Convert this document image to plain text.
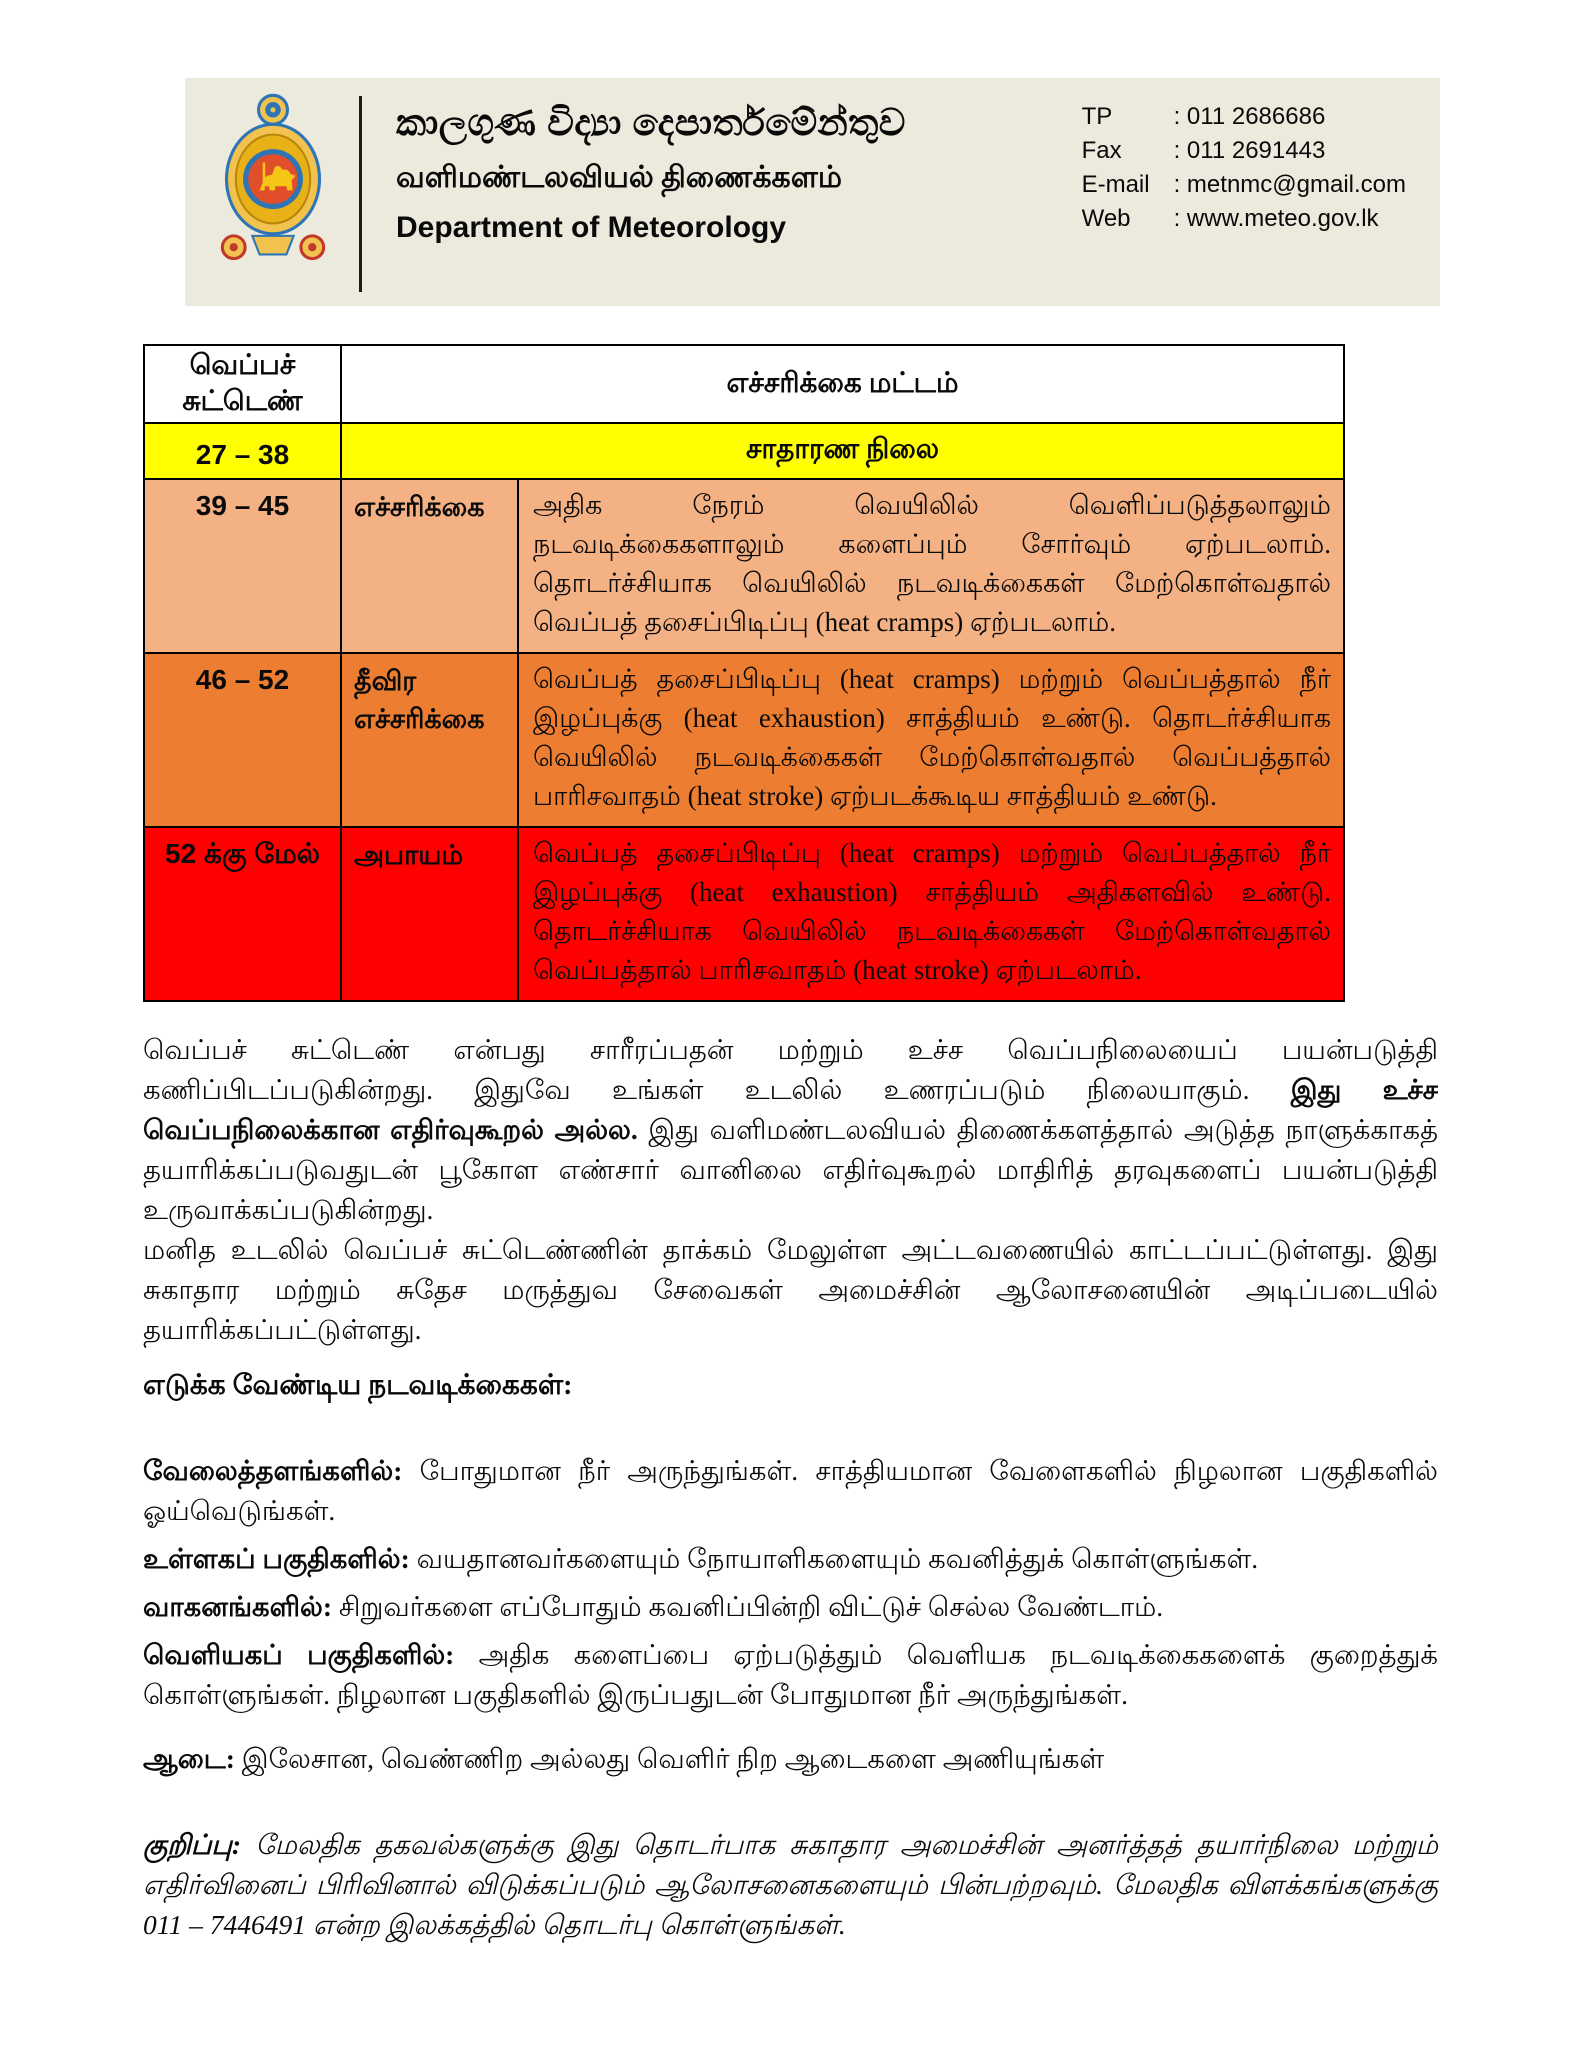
කාලගුණ විද්‍යා දෙපාර්තමේන්තුව
வளிமண்டலவியல் திணைக்களம்
Department of Meteorology
TP	: 011 2686686
Fax	: 011 2691443
E-mail : metnmc@gmail.com
Web	: www.meteo.gov.lk
வெப்பச் சுட்டெண்	எச்சரிக்கை மட்டம்	
27 – 38	சாதாரண நிலை	
39 – 45	எச்சரிக்கை	அதிக நேரம் வெயிலில் வெளிப்படுத்தலாலும் நடவடிக்கைகளாலும் களைப்பும் சோர்வும் ஏற்படலாம். தொடர்ச்சியாக வெயிலில் நடவடிக்கைகள் மேற்கொள்வதால் வெப்பத் தசைப்பிடிப்பு (heat cramps) ஏற்படலாம்.
46 – 52	தீவிர எச்சரிக்கை	வெப்பத் தசைப்பிடிப்பு (heat cramps) மற்றும் வெப்பத்தால் நீர் இழப்புக்கு (heat exhaustion) சாத்தியம் உண்டு. தொடர்ச்சியாக வெயிலில் நடவடிக்கைகள் மேற்கொள்வதால் வெப்பத்தால் பாரிசவாதம் (heat stroke) ஏற்படக்கூடிய சாத்தியம் உண்டு.
52 க்கு மேல்	அபாயம்	வெப்பத் தசைப்பிடிப்பு (heat cramps) மற்றும் வெப்பத்தால் நீர் இழப்புக்கு (heat exhaustion) சாத்தியம் அதிகளவில் உண்டு. தொடர்ச்சியாக வெயிலில் நடவடிக்கைகள் மேற்கொள்வதால் வெப்பத்தால் பாரிசவாதம் (heat stroke) ஏற்படலாம்.
வெப்பச் சுட்டெண் என்பது சாரீரப்பதன் மற்றும் உச்ச வெப்பநிலையைப் பயன்படுத்தி கணிப்பிடப்படுகின்றது. இதுவே உங்கள் உடலில் உணரப்படும் நிலையாகும். இது உச்ச வெப்பநிலைக்கான எதிர்வுகூறல் அல்ல. இது வளிமண்டலவியல் திணைக்களத்தால் அடுத்த நாளுக்காகத் தயாரிக்கப்படுவதுடன் பூகோள எண்சார் வானிலை எதிர்வுகூறல் மாதிரித் தரவுகளைப் பயன்படுத்தி உருவாக்கப்படுகின்றது.
மனித உடலில் வெப்பச் சுட்டெண்ணின் தாக்கம் மேலுள்ள அட்டவணையில் காட்டப்பட்டுள்ளது. இது சுகாதார மற்றும் சுதேச மருத்துவ சேவைகள் அமைச்சின் ஆலோசனையின் அடிப்படையில் தயாரிக்கப்பட்டுள்ளது.
எடுக்க வேண்டிய நடவடிக்கைகள்:
வேலைத்தளங்களில்: போதுமான நீர் அருந்துங்கள். சாத்தியமான வேளைகளில் நிழலான பகுதிகளில் ஓய்வெடுங்கள்.
உள்ளகப் பகுதிகளில்: வயதானவர்களையும் நோயாளிகளையும் கவனித்துக் கொள்ளுங்கள்.
வாகனங்களில்: சிறுவர்களை எப்போதும் கவனிப்பின்றி விட்டுச் செல்ல வேண்டாம்.
வெளியகப் பகுதிகளில்: அதிக களைப்பை ஏற்படுத்தும் வெளியக நடவடிக்கைகளைக் குறைத்துக் கொள்ளுங்கள். நிழலான பகுதிகளில் இருப்பதுடன் போதுமான நீர் அருந்துங்கள்.
ஆடை: இலேசான, வெண்ணிற அல்லது வெளிர் நிற ஆடைகளை அணியுங்கள்
குறிப்பு: மேலதிக தகவல்களுக்கு இது தொடர்பாக சுகாதார அமைச்சின் அனர்த்தத் தயார்நிலை மற்றும் எதிர்வினைப் பிரிவினால் விடுக்கப்படும் ஆலோசனைகளையும் பின்பற்றவும். மேலதிக விளக்கங்களுக்கு 011 – 7446491 என்ற இலக்கத்தில் தொடர்பு கொள்ளுங்கள்.
